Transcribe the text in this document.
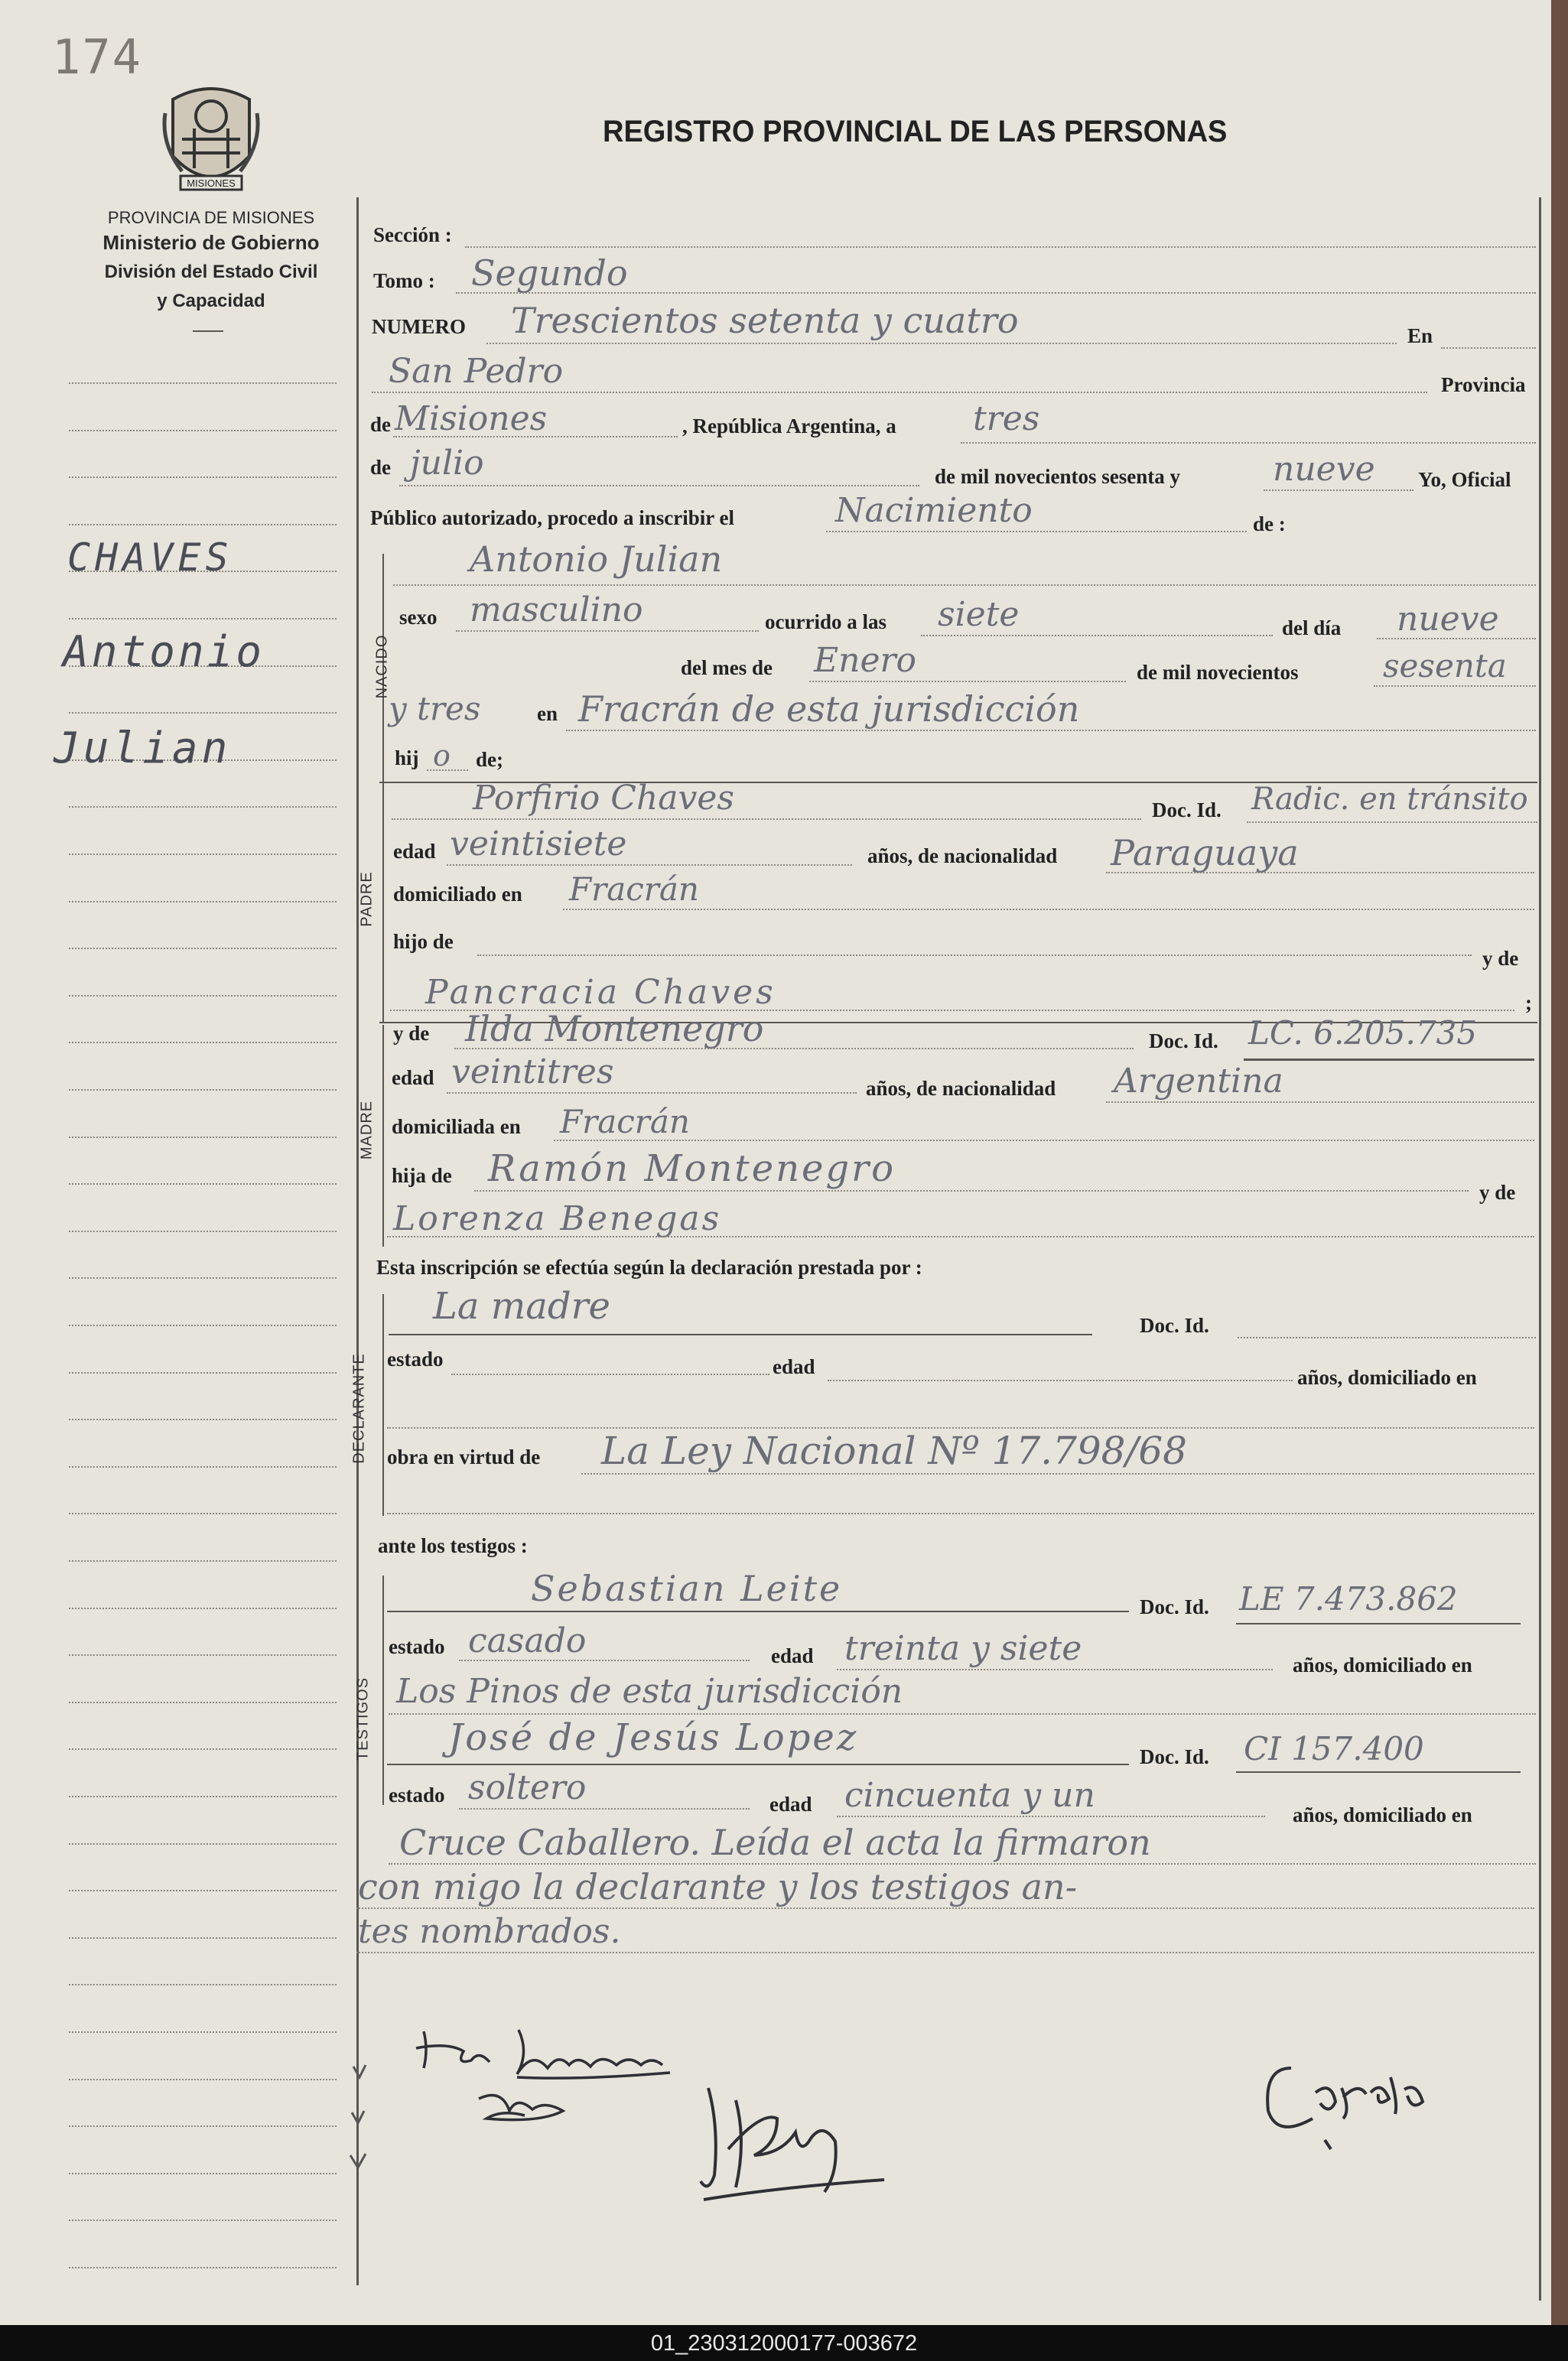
01_230312000177-003672
174
MISIONES
PROVINCIA DE MISIONES
Ministerio de Gobierno
División del Estado Civil
y Capacidad
REGISTRO PROVINCIAL DE LAS PERSONAS
CHAVES
Antonio
Julian
Sección :
Tomo : Segundo
NUMERO Trescientos setenta y cuatro	En
San Pedro	Provincia
de Misiones	, República Argentina, a tres
de julio	de mil novecientos sesenta y	nueve Yo, Oficial
Público autorizado, procedo a inscribir el	Nacimiento	de :
NACIDO
Antonio Julian
sexo masculino	ocurrido a las siete	del día nueve
del mes de Enero	de mil novecientos	sesenta
y tres	en Fracrán de esta jurisdicción
hij o de;
PADRE
Porfirio Chaves	Doc. Id. Radic. en tránsito
edad veintisiete	años, de nacionalidad Paraguaya
domiciliado en Fracrán
hijo de
y de
Pancracia Chaves	;
MADRE
y de Ilda Montenegro	Doc. Id. LC. 6.205.735
edad veintitres	años, de nacionalidad Argentina
domiciliada en Fracrán
hija de Ramón Montenegro
y de
Lorenza Benegas
Esta inscripción se efectúa según la declaración prestada por :
DECLARANTE
La madre	Doc. Id.
estado	edad	años, domiciliado en
obra en virtud de La Ley Nacional Nº 17.798/68
ante los testigos :
TESTIGOS
Sebastian Leite	Doc. Id. LE 7.473.862
estado casado	edad treinta y siete	años, domiciliado en
Los Pinos de esta jurisdicción
José de Jesús Lopez	Doc. Id. CI 157.400
estado soltero	edad cincuenta y un	años, domiciliado en
Cruce Caballero. Leída el acta la firmaron
con migo la declarante y los testigos an-
tes nombrados.
